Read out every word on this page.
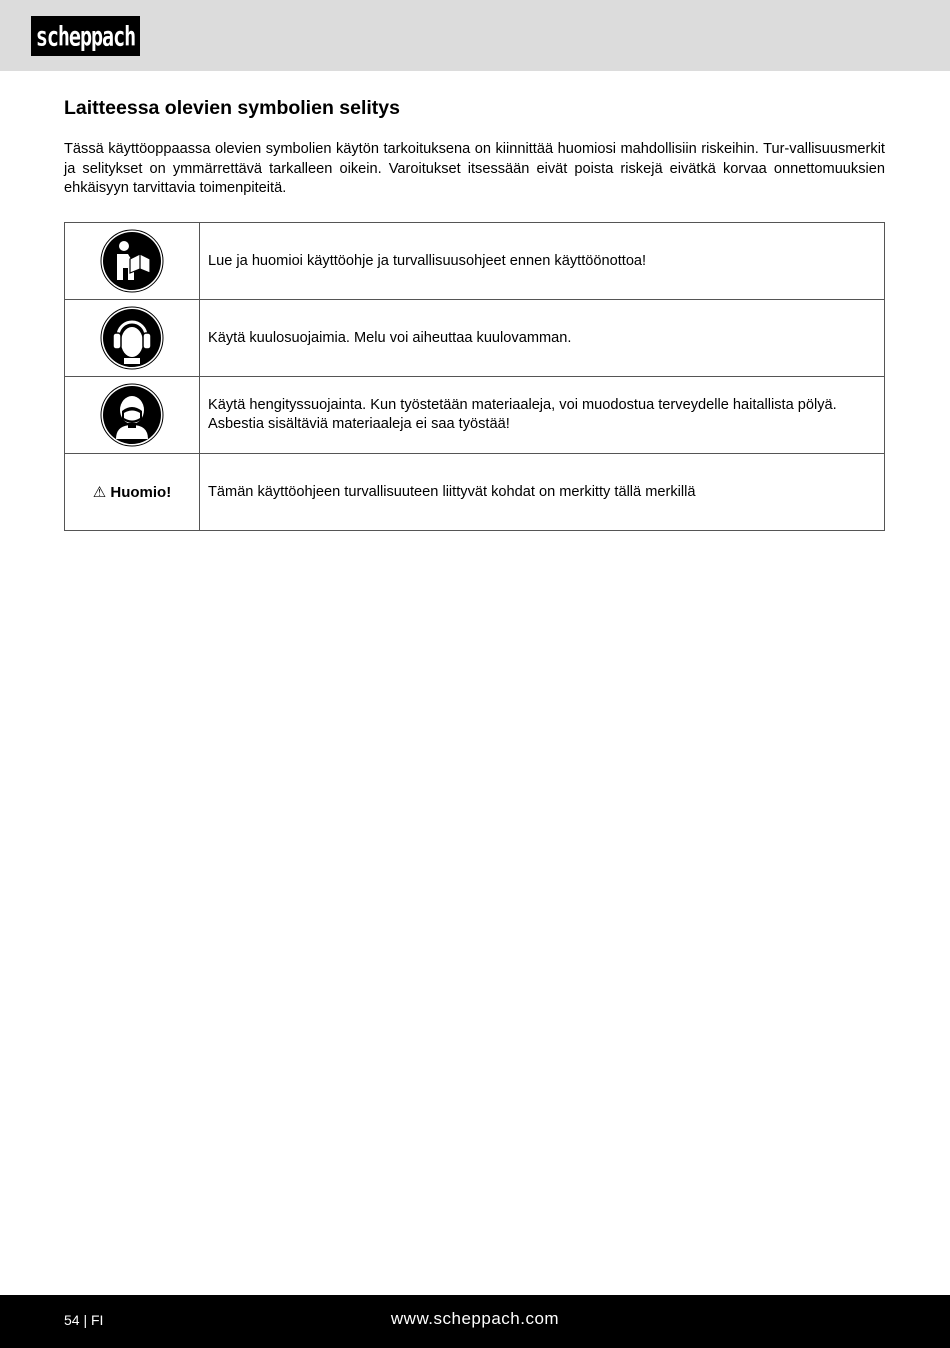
scheppach
Laitteessa olevien symbolien selitys

Tässä käyttöoppaassa olevien symbolien käytön tarkoituksena on kiinnittää huomiosi mahdollisiin riskeihin. Tur-vallisuusmerkit ja selitykset on ymmärrettävä tarkalleen oikein. Varoitukset itsessään eivät poista riskejä eivätkä korvaa onnettomuuksien ehkäisyyn tarvittavia toimenpiteitä.

	Lue ja huomioi käyttöohje ja turvallisuusohjeet ennen käyttöönottoa!

	Käytä kuulosuojaimia. Melu voi aiheuttaa kuulovamman.

	Käytä hengityssuojainta. Kun työstetään materiaaleja, voi muodostua terveydelle haitallista pölyä. Asbestia sisältäviä materiaaleja ei saa työstää!
⚠ Huomio!	Tämän käyttöohjeen turvallisuuteen liittyvät kohdat on merkitty tällä merkillä
54 | FI	www.scheppach.com
